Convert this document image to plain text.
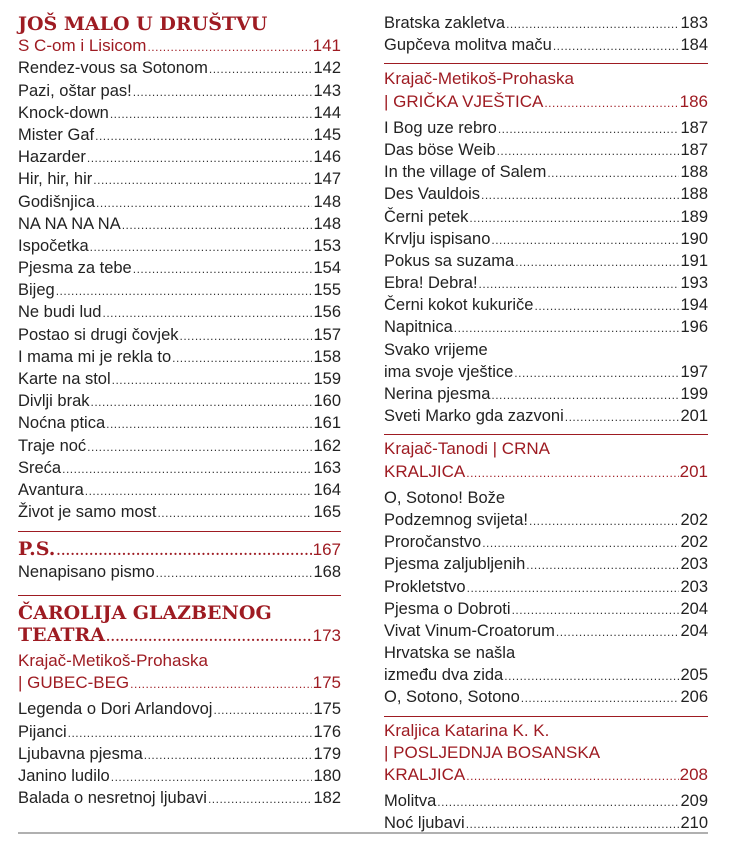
JOŠ MALO U DRUŠTVU
S C-om i Lisicom .....	141
Rendez-vous sa Sotonom .....	142
Pazi, oštar pas! .....	143
Knock-down .....	144
Mister Gaf .....	145
Hazarder .....	146
Hir, hir, hir .....	147
Godišnjica .....	148
NA NA NA NA .....	148
Ispočetka .....	153
Pjesma za tebe .....	154
Bijeg .....	155
Ne budi lud .....	156
Postao si drugi čovjek .....	157
I mama mi je rekla to .....	158
Karte na stol .....	159
Divlji brak .....	160
Noćna ptica .....	161
Traje noć .....	162
Sreća .....	163
Avantura .....	164
Život je samo most .....	165
P.S. .....	167
Nenapisano pismo .....	168
ČAROLIJA GLAZBENOG
TEATRA .....	173
Krajač-Metikoš-Prohaska
| GUBEC-BEG .....	175
Legenda o Dori Arlandovoj .....	175
Pijanci .....	176
Ljubavna pjesma .....	179
Janino ludilo .....	180
Balada o nesretnoj ljubavi .....	182
Bratska zakletva .....	183
Gupčeva molitva maču .....	184
Krajač-Metikoš-Prohaska
| GRIČKA VJEŠTICA .....	186
I Bog uze rebro .....	187
Das böse Weib .....	187
In the village of Salem .....	188
Des Vauldois .....	188
Černi petek .....	189
Krvlju ispisano .....	190
Pokus sa suzama .....	191
Ebra! Debra! .....	193
Černi kokot kukuriče .....	194
Napitnica .....	196
Svako vrijeme
ima svoje vještice .....	197
Nerina pjesma .....	199
Sveti Marko gda zazvoni .....	201
Krajač-Tanodi | CRNA
KRALJICA .....	201
O, Sotono! Bože
Podzemnog svijeta! .....	202
Proročanstvo .....	202
Pjesma zaljubljenih .....	203
Prokletstvo .....	203
Pjesma o Dobroti .....	204
Vivat Vinum-Croatorum .....	204
Hrvatska se našla
između dva zida .....	205
O, Sotono, Sotono .....	206
Kraljica Katarina K. K.
| POSLJEDNJA BOSANSKA
KRALJICA .....	208
Molitva .....	209
Noć ljubavi .....	210
